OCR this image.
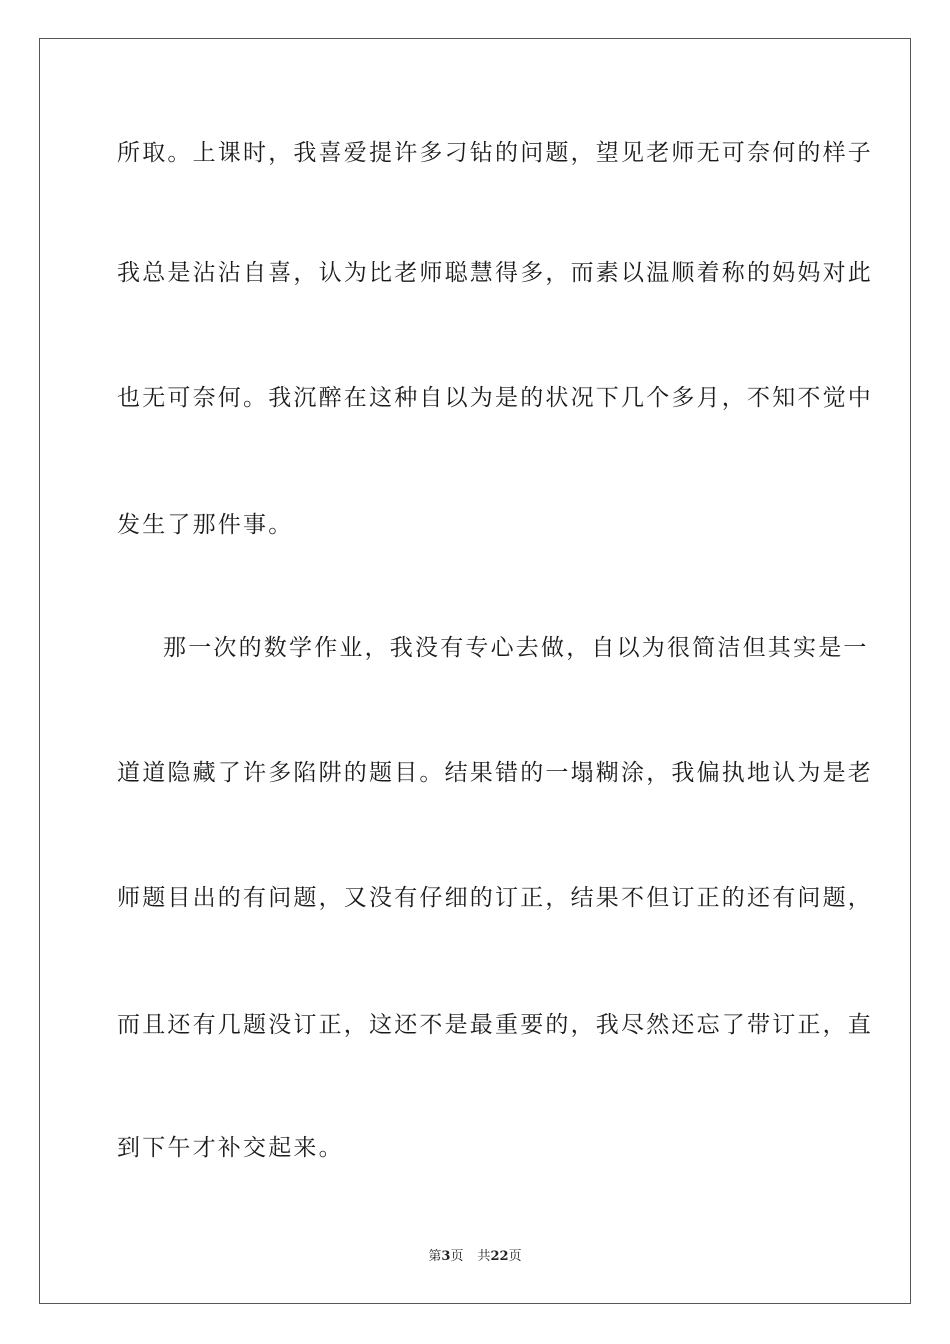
所取。上课时，我喜爱提许多刁钻的问题，望见老师无可奈何的样子
我总是沾沾自喜，认为比老师聪慧得多，而素以温顺着称的妈妈对此
也无可奈何。我沉醉在这种自以为是的状况下几个多月，不知不觉中
发生了那件事。
那一次的数学作业，我没有专心去做，自以为很简洁但其实是一
道道隐藏了许多陷阱的题目。结果错的一塌糊涂，我偏执地认为是老
师题目出的有问题，又没有仔细的订正，结果不但订正的还有问题，
而且还有几题没订正，这还不是最重要的，我尽然还忘了带订正，直
到下午才补交起来。
第3页 共22页
